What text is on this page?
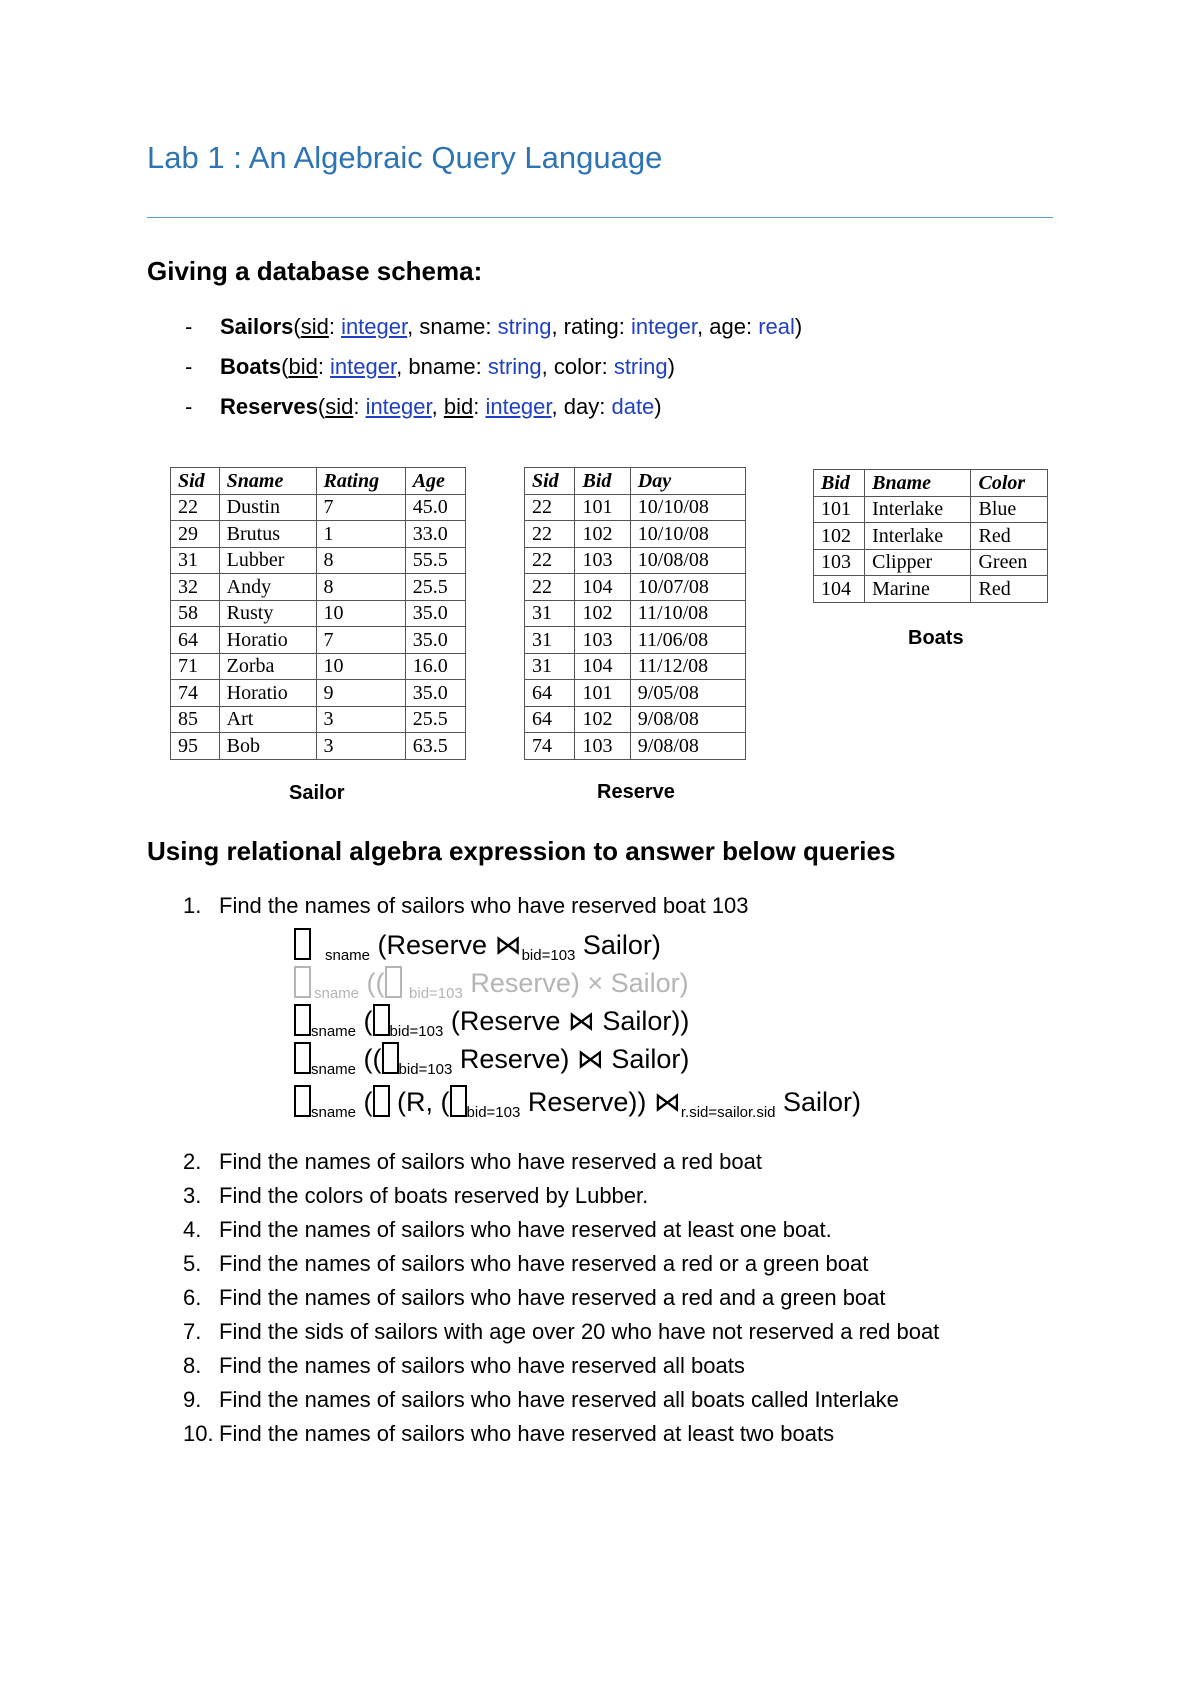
Lab 1 : An Algebraic Query Language
Giving a database schema:
- Sailors(sid: integer, sname: string, rating: integer, age: real)
- Boats(bid: integer, bname: string, color: string)
- Reserves(sid: integer, bid: integer, day: date)
Sid	Sname	Rating	Age
22	Dustin	7	45.0
29	Brutus	1	33.0
31	Lubber	8	55.5
32	Andy	8	25.5
58	Rusty	10	35.0
64	Horatio	7	35.0
71	Zorba	10	16.0
74	Horatio	9	35.0
85	Art	3	25.5
95	Bob	3	63.5
Sailor
Sid	Bid	Day
22	101	10/10/08
22	102	10/10/08
22	103	10/08/08
22	104	10/07/08
31	102	11/10/08
31	103	11/06/08
31	104	11/12/08
64	101	9/05/08
64	102	9/08/08
74	103	9/08/08
Reserve
Bid	Bname	Color
101	Interlake	Blue
102	Interlake	Red
103	Clipper	Green
104	Marine	Red
Boats
Using relational algebra expression to answer below queries
1. Find the names of sailors who have reserved boat 103
$_{sname}$ (Reserve $⋈_{bid=103}$ Sailor)
$_{sname}$ (( $_{bid=103}$ Reserve) × Sailor)
$_{sname}$ ( $_{bid=103}$ (Reserve ⋈ Sailor))
$_{sname}$ (( $_{bid=103}$ Reserve) ⋈ Sailor)
$_{sname}$ ( (R, ( $_{bid=103}$ Reserve)) $⋈_{r.sid=sailor.sid}$ Sailor)
2. Find the names of sailors who have reserved a red boat
3. Find the colors of boats reserved by Lubber.
4. Find the names of sailors who have reserved at least one boat.
5. Find the names of sailors who have reserved a red or a green boat
6. Find the names of sailors who have reserved a red and a green boat
7. Find the sids of sailors with age over 20 who have not reserved a red boat
8. Find the names of sailors who have reserved all boats
9. Find the names of sailors who have reserved all boats called Interlake
10. Find the names of sailors who have reserved at least two boats
